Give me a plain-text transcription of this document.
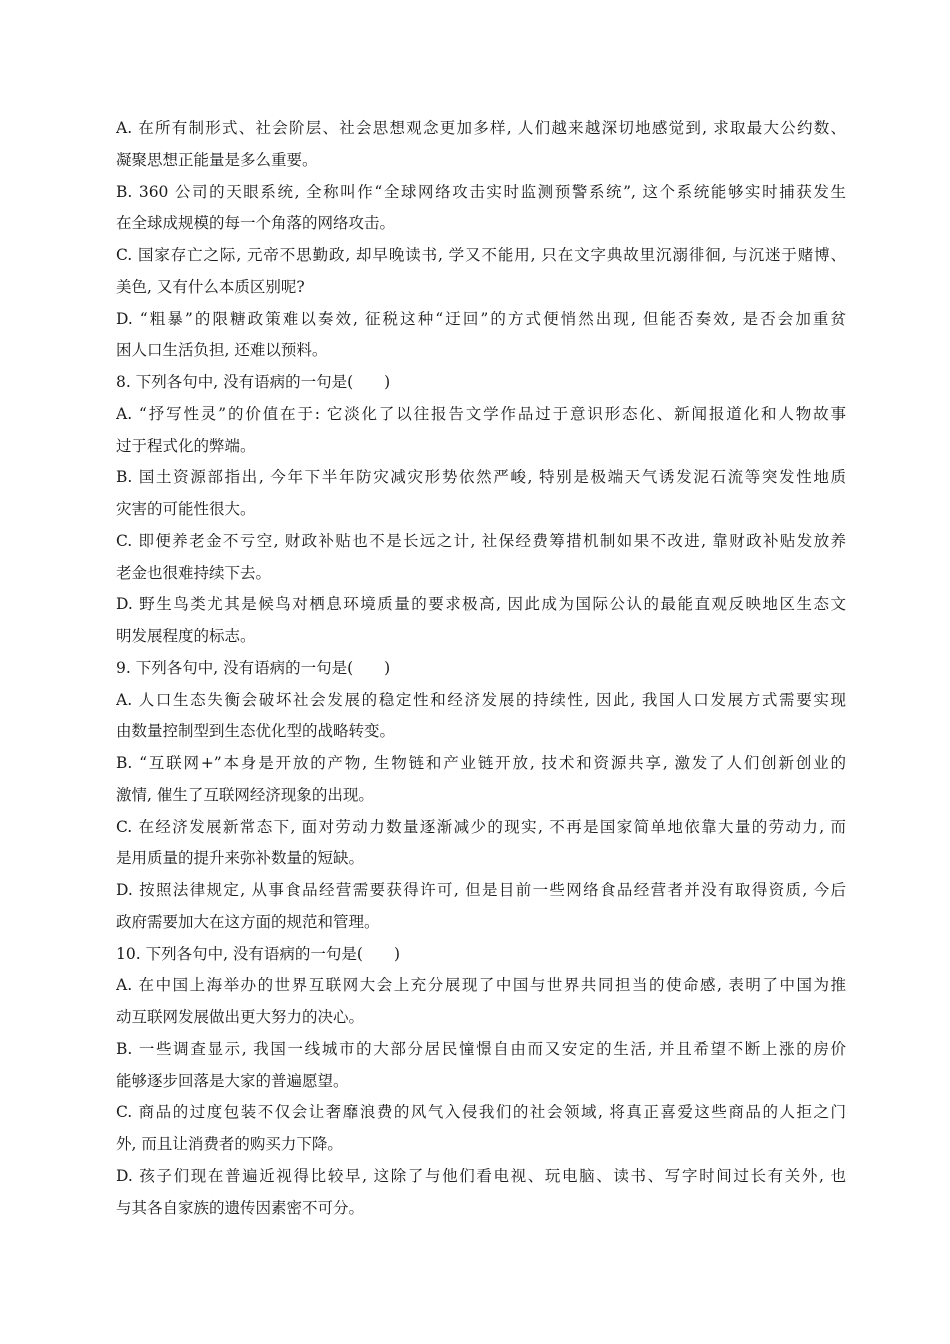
A. 在所有制形式、社会阶层、社会思想观念更加多样, 人们越来越深切地感觉到, 求取最大公约数、
凝聚思想正能量是多么重要。
B. 360 公司的天眼系统, 全称叫作“全球网络攻击实时监测预警系统”, 这个系统能够实时捕获发生
在全球成规模的每一个角落的网络攻击。
C. 国家存亡之际, 元帝不思勤政, 却早晚读书, 学又不能用, 只在文字典故里沉溺徘徊, 与沉迷于赌博、
美色, 又有什么本质区别呢?
D. “粗暴”的限糖政策难以奏效, 征税这种“迂回”的方式便悄然出现, 但能否奏效, 是否会加重贫
困人口生活负担, 还难以预料。
8. 下列各句中, 没有语病的一句是(　　)
A. “抒写性灵”的价值在于: 它淡化了以往报告文学作品过于意识形态化、新闻报道化和人物故事
过于程式化的弊端。
B. 国土资源部指出, 今年下半年防灾减灾形势依然严峻, 特别是极端天气诱发泥石流等突发性地质
灾害的可能性很大。
C. 即便养老金不亏空, 财政补贴也不是长远之计, 社保经费筹措机制如果不改进, 靠财政补贴发放养
老金也很难持续下去。
D. 野生鸟类尤其是候鸟对栖息环境质量的要求极高, 因此成为国际公认的最能直观反映地区生态文
明发展程度的标志。
9. 下列各句中, 没有语病的一句是(　　)
A. 人口生态失衡会破坏社会发展的稳定性和经济发展的持续性, 因此, 我国人口发展方式需要实现
由数量控制型到生态优化型的战略转变。
B. “互联网+”本身是开放的产物, 生物链和产业链开放, 技术和资源共享, 激发了人们创新创业的
激情, 催生了互联网经济现象的出现。
C. 在经济发展新常态下, 面对劳动力数量逐渐减少的现实, 不再是国家简单地依靠大量的劳动力, 而
是用质量的提升来弥补数量的短缺。
D. 按照法律规定, 从事食品经营需要获得许可, 但是目前一些网络食品经营者并没有取得资质, 今后
政府需要加大在这方面的规范和管理。
10. 下列各句中, 没有语病的一句是(　　)
A. 在中国上海举办的世界互联网大会上充分展现了中国与世界共同担当的使命感, 表明了中国为推
动互联网发展做出更大努力的决心。
B. 一些调查显示, 我国一线城市的大部分居民憧憬自由而又安定的生活, 并且希望不断上涨的房价
能够逐步回落是大家的普遍愿望。
C. 商品的过度包装不仅会让奢靡浪费的风气入侵我们的社会领域, 将真正喜爱这些商品的人拒之门
外, 而且让消费者的购买力下降。
D. 孩子们现在普遍近视得比较早, 这除了与他们看电视、玩电脑、读书、写字时间过长有关外, 也
与其各自家族的遗传因素密不可分。
